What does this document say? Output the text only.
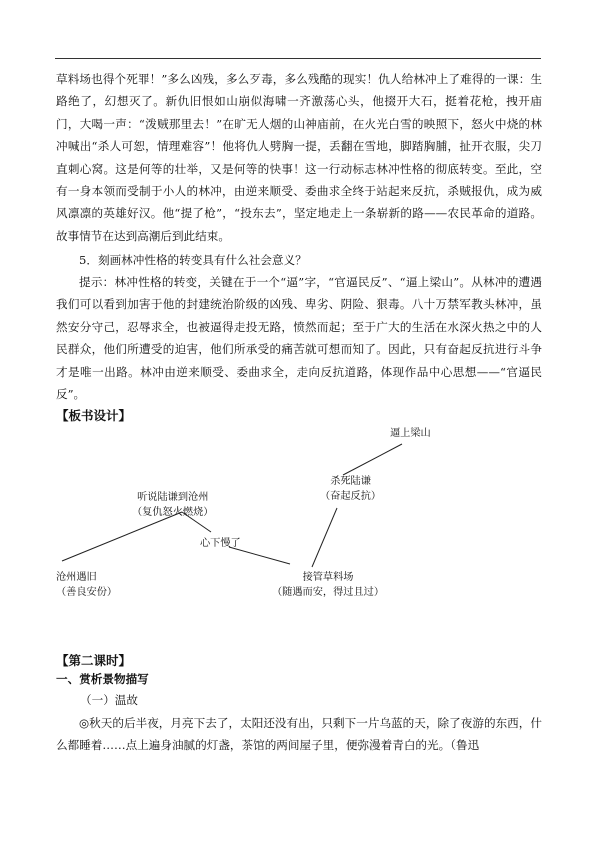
草料场也得个死罪！”多么凶残，多么歹毒，多么残酷的现实！仇人给林冲上了难得的一课：生路绝了，幻想灭了。新仇旧恨如山崩似海啸一齐激荡心头，他掇开大石，挺着花枪，拽开庙门，大喝一声：“泼贼那里去！”在旷无人烟的山神庙前，在火光白雪的映照下，怒火中烧的林冲喊出“杀人可恕，情理难容”！他将仇人劈胸一提，丢翻在雪地，脚踏胸脯，扯开衣服，尖刀直刺心窝。这是何等的壮举，又是何等的快事！这一行动标志林冲性格的彻底转变。至此，空有一身本领而受制于小人的林冲，由逆来顺受、委曲求全终于站起来反抗，杀贼报仇，成为威风凛凛的英雄好汉。他“提了枪”，“投东去”，坚定地走上一条崭新的路——农民革命的道路。故事情节在达到高潮后到此结束。

5．刻画林冲性格的转变具有什么社会意义？

提示：林冲性格的转变，关键在于一个“逼”字，“官逼民反”、“逼上梁山”。从林冲的遭遇我们可以看到加害于他的封建统治阶级的凶残、卑劣、阴险、狠毒。八十万禁军教头林冲，虽然安分守己，忍辱求全，也被逼得走投无路，愤然而起；至于广大的生活在水深火热之中的人民群众，他们所遭受的迫害，他们所承受的痛苦就可想而知了。因此，只有奋起反抗进行斗争才是唯一出路。林冲由逆来顺受、委曲求全，走向反抗道路，体现作品中心思想——“官逼民反”。

【板书设计】

沧州遇旧
（善良安份）
听说陆谦到沧州
（复仇怒火燃烧）
心下慢了
接管草料场
（随遇而安，得过且过）
杀死陆谦
（奋起反抗）
逼上梁山

【第二课时】

一、赏析景物描写

（一）温故

◎秋天的后半夜，月亮下去了，太阳还没有出，只剩下一片乌蓝的天，除了夜游的东西，什么都睡着……点上遍身油腻的灯盏，茶馆的两间屋子里，便弥漫着青白的光。（鲁迅
